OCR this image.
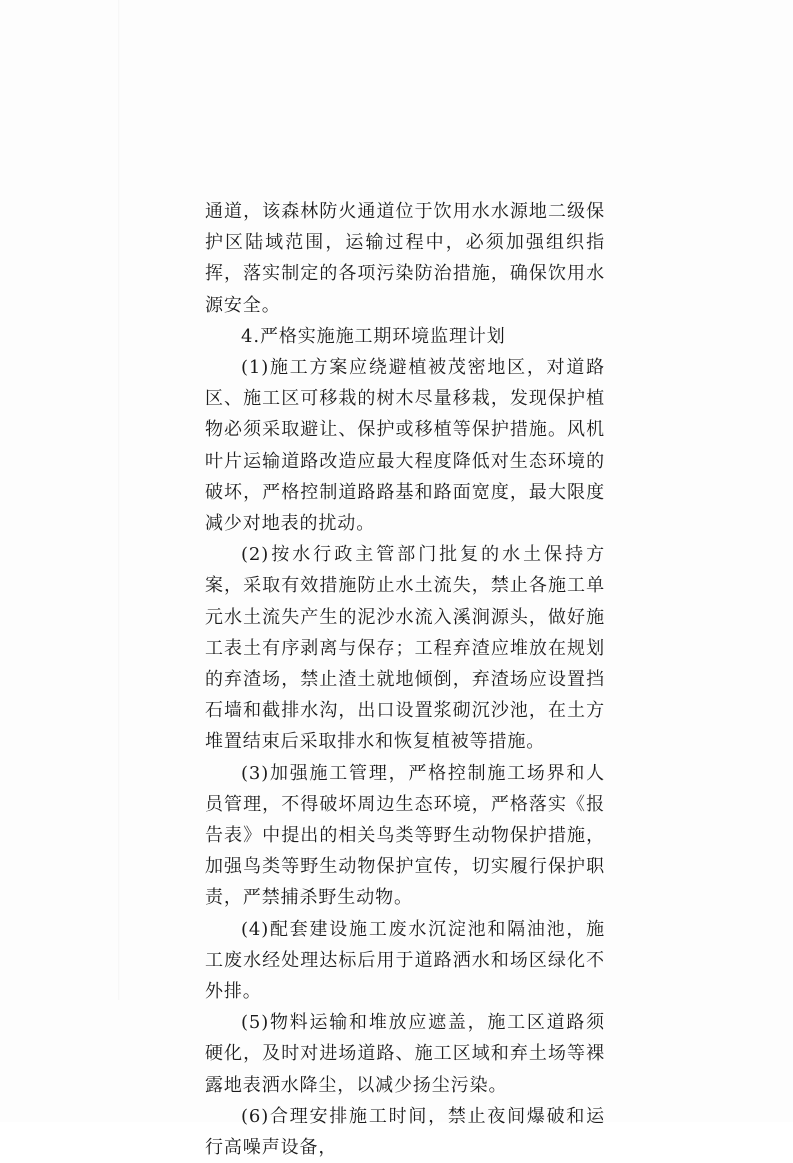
通道，该森林防火通道位于饮用水水源地二级保护区陆域范围，运输过程中，必须加强组织指挥，落实制定的各项污染防治措施，确保饮用水源安全。

4.严格实施施工期环境监理计划

(1)施工方案应绕避植被茂密地区，对道路区、施工区可移栽的树木尽量移栽，发现保护植物必须采取避让、保护或移植等保护措施。风机叶片运输道路改造应最大程度降低对生态环境的破坏，严格控制道路路基和路面宽度，最大限度减少对地表的扰动。

(2)按水行政主管部门批复的水土保持方案，采取有效措施防止水土流失，禁止各施工单元水土流失产生的泥沙水流入溪涧源头，做好施工表土有序剥离与保存；工程弃渣应堆放在规划的弃渣场，禁止渣土就地倾倒，弃渣场应设置挡石墙和截排水沟，出口设置浆砌沉沙池，在土方堆置结束后采取排水和恢复植被等措施。

(3)加强施工管理，严格控制施工场界和人员管理，不得破坏周边生态环境，严格落实《报告表》中提出的相关鸟类等野生动物保护措施，加强鸟类等野生动物保护宣传，切实履行保护职责，严禁捕杀野生动物。

(4)配套建设施工废水沉淀池和隔油池，施工废水经处理达标后用于道路洒水和场区绿化不外排。

(5)物料运输和堆放应遮盖，施工区道路须硬化，及时对进场道路、施工区域和弃土场等裸露地表洒水降尘，以减少扬尘污染。

(6)合理安排施工时间，禁止夜间爆破和运行高噪声设备，
